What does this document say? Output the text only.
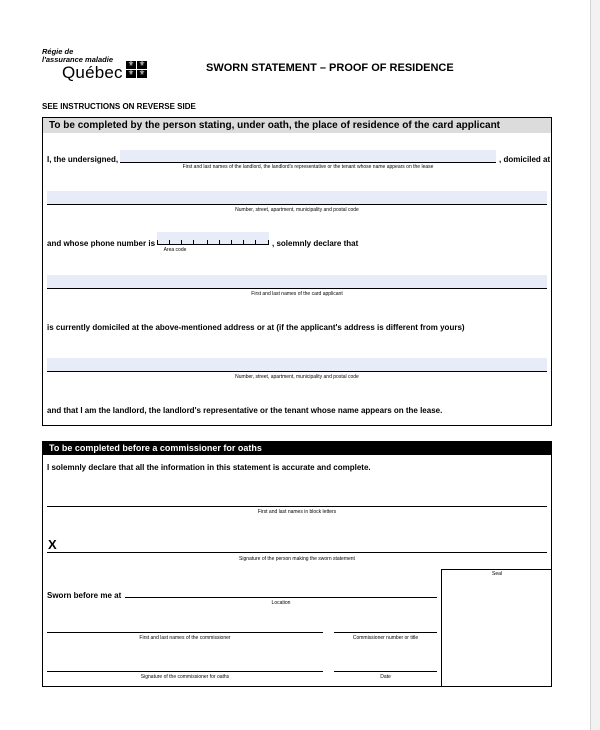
Régie de
l'assurance maladie
Québec ⚜ ⚜
⚜ ⚜	SWORN STATEMENT – PROOF OF RESIDENCE
SEE INSTRUCTIONS ON REVERSE SIDE
To be completed by the person stating, under oath, the place of residence of the card applicant
I, the undersigned,	, domiciled at
First and last names of the landlord, the landlord's representative or the tenant whose name appears on the lease
Number, street, apartment, municipality and postal code
and whose phone number is
Area code
, solemnly declare that
First and last names of the card applicant
is currently domiciled at the above-mentioned address or at (if the applicant's address is different from yours)
Number, street, apartment, municipality and postal code
and that I am the landlord, the landlord's representative or the tenant whose name appears on the lease.
To be completed before a commissioner for oaths
I solemnly declare that all the information in this statement is accurate and complete.
First and last names in block letters
X
Signature of the person making the sworn statement
Seal
Sworn before me at
Location
First and last names of the commissioner	Commissioner number or title
Signature of the commissioner for oaths	Date
